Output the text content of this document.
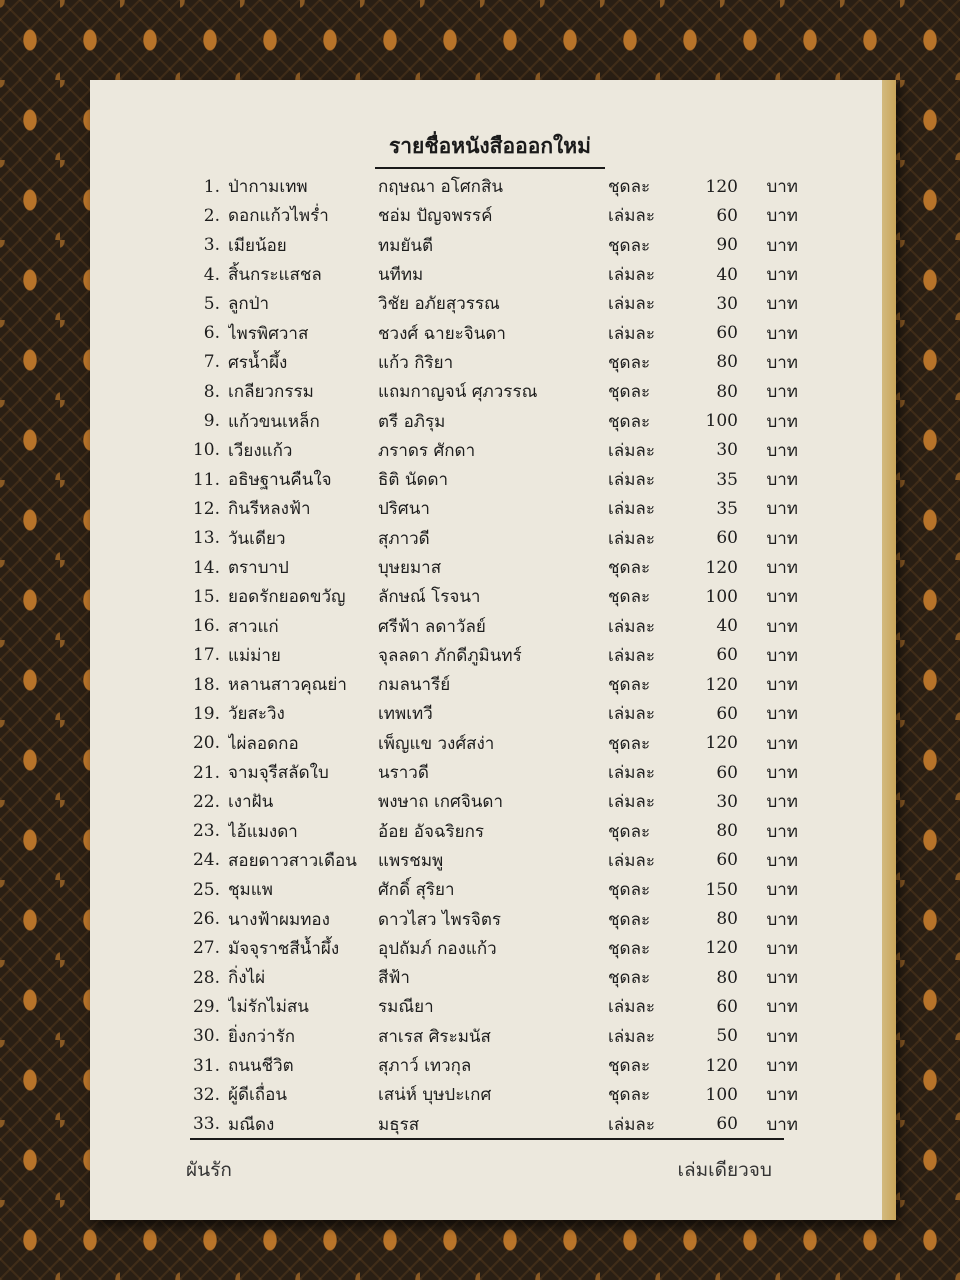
รายชื่อหนังสือออกใหม่
1. ป่ากามเทพ	กฤษณา อโศกสิน	ชุดละ	120	บาท
2. ดอกแก้วไพร่ำ	ชอ่ม ปัญจพรรค์	เล่มละ	60	บาท
3. เมียน้อย	ทมยันตี	ชุดละ	90	บาท
4. สิ้นกระแสชล	นทีทม	เล่มละ	40	บาท
5. ลูกป่า	วิชัย อภัยสุวรรณ	เล่มละ	30	บาท
6. ไพรพิศวาส	ชวงศ์ ฉายะจินดา	เล่มละ	60	บาท
7. ศรน้ำผึ้ง	แก้ว กิริยา	ชุดละ	80	บาท
8. เกลียวกรรม	แถมกาญจน์ ศุภวรรณ	ชุดละ	80	บาท
9. แก้วขนเหล็ก	ตรี อภิรุม	ชุดละ	100	บาท
10. เวียงแก้ว	ภราดร ศักดา	เล่มละ	30	บาท
11. อธิษฐานคืนใจ	ธิติ นัดดา	เล่มละ	35	บาท
12. กินรีหลงฟ้า	ปริศนา	เล่มละ	35	บาท
13. วันเดียว	สุภาวดี	เล่มละ	60	บาท
14. ตราบาป	บุษยมาส	ชุดละ	120	บาท
15. ยอดรักยอดขวัญ	ลักษณ์ โรจนา	ชุดละ	100	บาท
16. สาวแก่	ศรีฟ้า ลดาวัลย์	เล่มละ	40	บาท
17. แม่ม่าย	จุลลดา ภักดีภูมินทร์	เล่มละ	60	บาท
18. หลานสาวคุณย่า	กมลนารีย์	ชุดละ	120	บาท
19. วัยสะวิง	เทพเทวี	เล่มละ	60	บาท
20. ไผ่ลอดกอ	เพ็ญแข วงศ์สง่า	ชุดละ	120	บาท
21. จามจุรีสลัดใบ	นราวดี	เล่มละ	60	บาท
22. เงาฝัน	พงษาถ เกศจินดา	เล่มละ	30	บาท
23. ไอ้แมงดา	อ้อย อัจฉริยกร	ชุดละ	80	บาท
24. สอยดาวสาวเดือน	แพรชมพู	เล่มละ	60	บาท
25. ชุมแพ	ศักดิ์ สุริยา	ชุดละ	150	บาท
26. นางฟ้าผมทอง	ดาวไสว ไพรจิตร	ชุดละ	80	บาท
27. มัจจุราชสีน้ำผึ้ง	อุปถัมภ์ กองแก้ว	ชุดละ	120	บาท
28. กิ่งไผ่	สีฟ้า	ชุดละ	80	บาท
29. ไม่รักไม่สน	รมณียา	เล่มละ	60	บาท
30. ยิ่งกว่ารัก	สาเรส ศิระมนัส	เล่มละ	50	บาท
31. ถนนชีวิต	สุภาว์ เทวกุล	ชุดละ	120	บาท
32. ผู้ดีเถื่อน	เสน่ห์ บุษปะเกศ	ชุดละ	100	บาท
33. มณีดง	มธุรส	เล่มละ	60	บาท
ผันรัก	เล่มเดียวจบ
